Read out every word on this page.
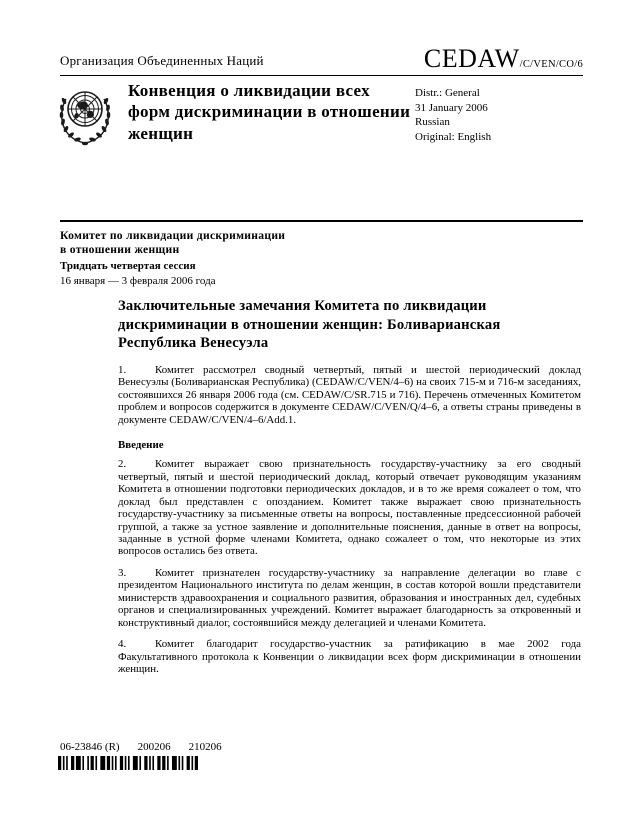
Организация Объединенных Наций	CEDAW/C/VEN/CO/6
Конвенция о ликвидации всех форм дискриминации в отношении женщин
Distr.: General
31 January 2006
Russian
Original: English
Комитет по ликвидации дискриминации
в отношении женщин
Тридцать четвертая сессия
16 января — 3 февраля 2006 года
Заключительные замечания Комитета по ликвидации дискриминации в отношении женщин: Боливарианская Республика Венесуэла

1.	Комитет рассмотрел сводный четвертый, пятый и шестой периодический доклад Венесуэлы (Боливарианская Республика) (CEDAW/C/VEN/4–6) на своих 715-м и 716-м заседаниях, состоявшихся 26 января 2006 года (см. CEDAW/C/SR.715 и 716). Перечень отмеченных Комитетом проблем и вопросов содержится в документе CEDAW/C/VEN/Q/4–6, а ответы страны приведены в документе CEDAW/C/VEN/4–6/Add.1.

Введение

2.	Комитет выражает свою признательность государству-участнику за его сводный четвертый, пятый и шестой периодический доклад, который отвечает руководящим указаниям Комитета в отношении подготовки периодических докладов, и в то же время сожалеет о том, что доклад был представлен с опозданием. Комитет также выражает свою признательность государству-участнику за письменные ответы на вопросы, поставленные предсессионной рабочей группой, а также за устное заявление и дополнительные пояснения, данные в ответ на вопросы, заданные в устной форме членами Комитета, однако сожалеет о том, что некоторые из этих вопросов остались без ответа.

3.	Комитет признателен государству-участнику за направление делегации во главе с президентом Национального института по делам женщин, в состав которой вошли представители министерств здравоохранения и социального развития, образования и иностранных дел, судебных органов и специализированных учреждений. Комитет выражает благодарность за откровенный и конструктивный диалог, состоявшийся между делегацией и членами Комитета.

4.	Комитет благодарит государство-участник за ратификацию в мае 2002 года Факультативного протокола к Конвенции о ликвидации всех форм дискриминации в отношении женщин.

06-23846 (R) 200206 210206
